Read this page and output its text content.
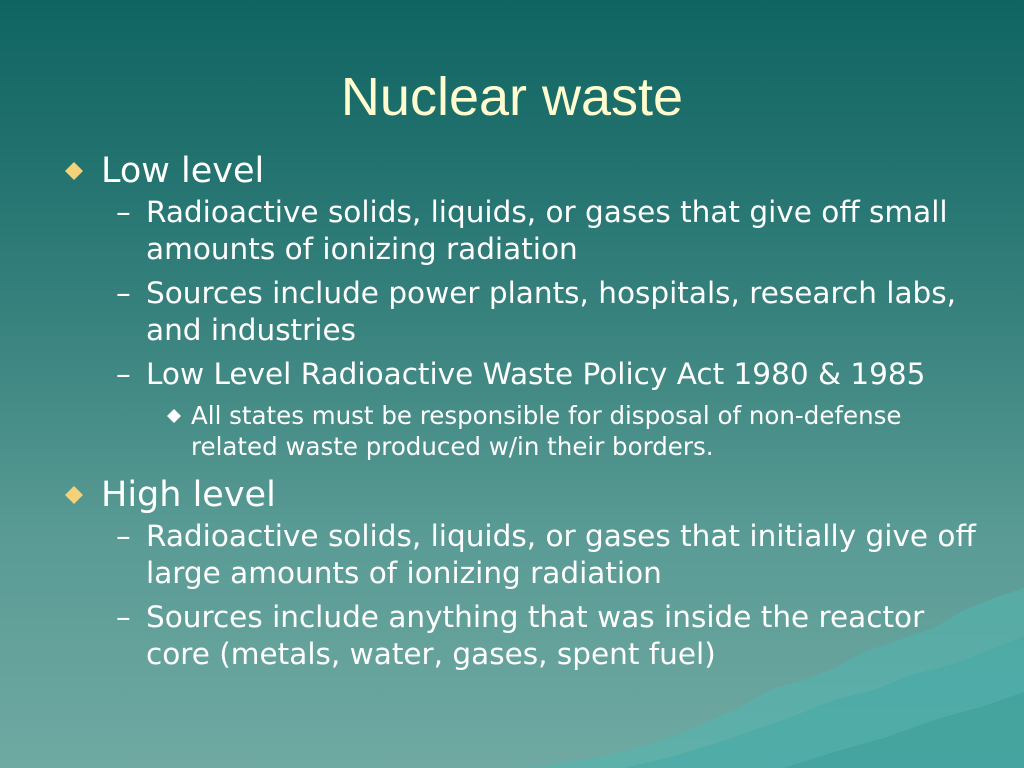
Nuclear waste
Low level
– Radioactive solids, liquids, or gases that give off small amounts of ionizing radiation
– Sources include power plants, hospitals, research labs, and industries
– Low Level Radioactive Waste Policy Act 1980 & 1985
All states must be responsible for disposal of non-defense related waste produced w/in their borders.
High level
– Radioactive solids, liquids, or gases that initially give off large amounts of ionizing radiation
– Sources include anything that was inside the reactor core (metals, water, gases, spent fuel)
